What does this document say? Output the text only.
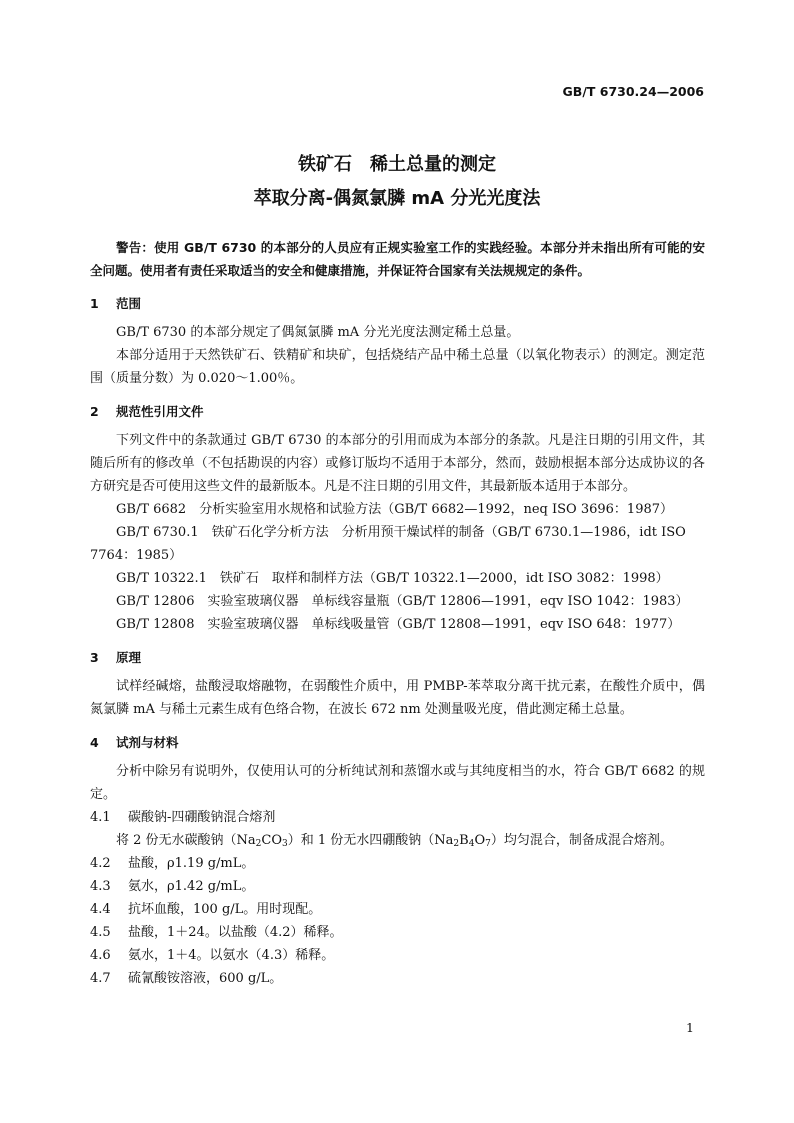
GB/T 6730.24—2006
铁矿石　稀土总量的测定
萃取分离-偶氮氯膦 mA 分光光度法

警告：使用 GB/T 6730 的本部分的人员应有正规实验室工作的实践经验。本部分并未指出所有可能的安全问题。使用者有责任采取适当的安全和健康措施，并保证符合国家有关法规规定的条件。

1 范围

GB/T 6730 的本部分规定了偶氮氯膦 mA 分光光度法测定稀土总量。

本部分适用于天然铁矿石、铁精矿和块矿，包括烧结产品中稀土总量（以氧化物表示）的测定。测定范围（质量分数）为 0.020～1.00％。

2 规范性引用文件

下列文件中的条款通过 GB/T 6730 的本部分的引用而成为本部分的条款。凡是注日期的引用文件，其随后所有的修改单（不包括勘误的内容）或修订版均不适用于本部分，然而，鼓励根据本部分达成协议的各方研究是否可使用这些文件的最新版本。凡是不注日期的引用文件，其最新版本适用于本部分。

GB/T 6682　分析实验室用水规格和试验方法（GB/T 6682—1992，neq ISO 3696：1987）

GB/T 6730.1　铁矿石化学分析方法　分析用预干燥试样的制备（GB/T 6730.1—1986，idt ISO

7764：1985）

GB/T 10322.1　铁矿石　取样和制样方法（GB/T 10322.1—2000，idt ISO 3082：1998）

GB/T 12806　实验室玻璃仪器　单标线容量瓶（GB/T 12806—1991，eqv ISO 1042：1983）

GB/T 12808　实验室玻璃仪器　单标线吸量管（GB/T 12808—1991，eqv ISO 648：1977）

3 原理

试样经碱熔，盐酸浸取熔融物，在弱酸性介质中，用 PMBP-苯萃取分离干扰元素，在酸性介质中，偶氮氯膦 mA 与稀土元素生成有色络合物，在波长 672 nm 处测量吸光度，借此测定稀土总量。

4 试剂与材料

分析中除另有说明外，仅使用认可的分析纯试剂和蒸馏水或与其纯度相当的水，符合 GB/T 6682 的规定。

4.1 碳酸钠-四硼酸钠混合熔剂

将 2 份无水碳酸钠$(Na_2CO_3)$和 1 份无水四硼酸钠$(Na_2B_4O_7)$均匀混合，制备成混合熔剂。

4.2 盐酸，ρ1.19 g/mL。

4.3 氨水，ρ1.42 g/mL。

4.4 抗坏血酸，100 g/L。用时现配。

4.5 盐酸，1＋24。以盐酸（4.2）稀释。

4.6 氨水，1＋4。以氨水（4.3）稀释。

4.7 硫氰酸铵溶液，600 g/L。

1
